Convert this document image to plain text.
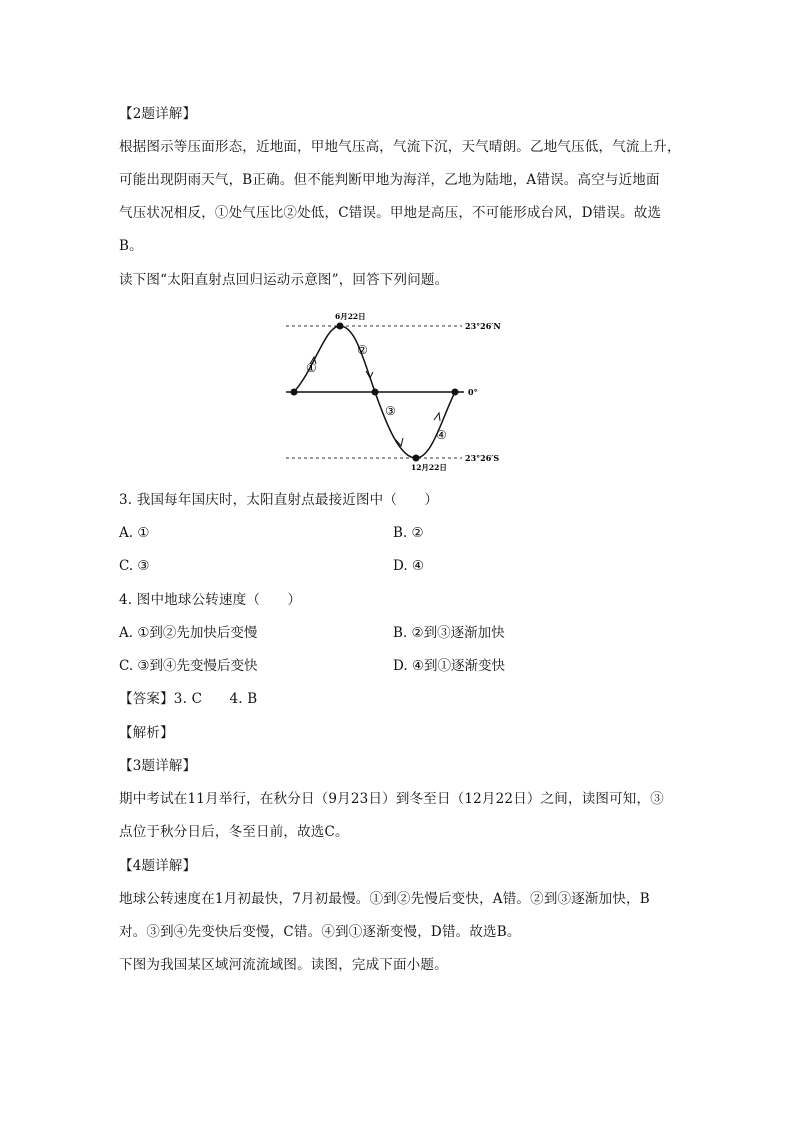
【2题详解】
根据图示等压面形态，近地面，甲地气压高，气流下沉，天气晴朗。乙地气压低，气流上升，
可能出现阴雨天气，B正确。但不能判断甲地为海洋，乙地为陆地，A错误。高空与近地面
气压状况相反，①处气压比②处低，C错误。甲地是高压，不可能形成台风，D错误。故选
B。
读下图“太阳直射点回归运动示意图”，回答下列问题。
6月22日
12月22日
23°26′N
0°
23°26′S
①
②
③
④
3. 我国每年国庆时，太阳直射点最接近图中（　　）
A. ①	B. ②
C. ③	D. ④
4. 图中地球公转速度（　　）
A. ①到②先加快后变慢	B. ②到③逐渐加快
C. ③到④先变慢后变快	D. ④到①逐渐变快
【答案】3. C　　4. B
【解析】
【3题详解】
期中考试在11月举行，在秋分日（9月23日）到冬至日（12月22日）之间，读图可知，③
点位于秋分日后，冬至日前，故选C。
【4题详解】
地球公转速度在1月初最快，7月初最慢。①到②先慢后变快，A错。②到③逐渐加快，B
对。③到④先变快后变慢，C错。④到①逐渐变慢，D错。故选B。
下图为我国某区域河流流域图。读图，完成下面小题。
